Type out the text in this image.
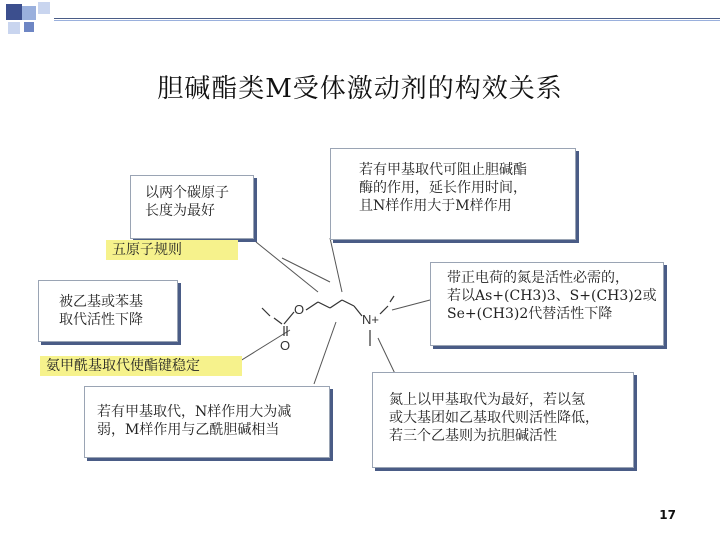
胆碱酯类M受体激动剂的构效关系
O
O
N+
以两个碳原子
长度为最好
若有甲基取代可阻止胆碱酯
酶的作用，延长作用时间，
且N样作用大于M样作用
五原子规则
被乙基或苯基
取代活性下降
带正电荷的氮是活性必需的，
若以As+(CH3)3、S+(CH3)2或
Se+(CH3)2代替活性下降
氨甲酰基取代使酯键稳定
若有甲基取代，N样作用大为减
弱，M样作用与乙酰胆碱相当
氮上以甲基取代为最好，若以氢
或大基团如乙基取代则活性降低，
若三个乙基则为抗胆碱活性
17
